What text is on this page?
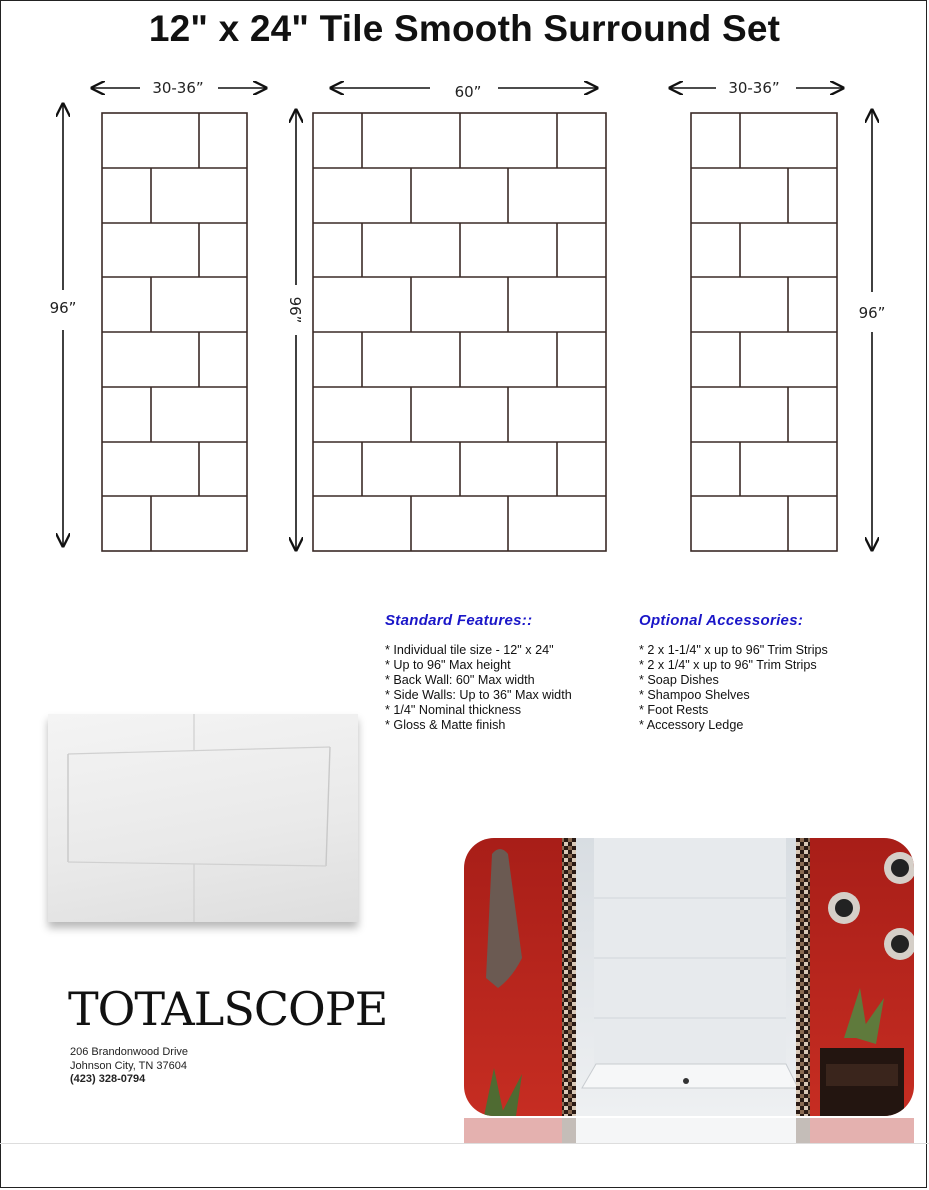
12" x 24" Tile Smooth Surround Set
30-36”	60”	30-36”
96”	96”	96”
Standard Features::
* Individual tile size - 12" x 24"
* Up to 96" Max height
* Back Wall: 60" Max width
* Side Walls: Up to 36" Max width
* 1/4" Nominal thickness
* Gloss & Matte finish
Optional Accessories:
* 2 x 1-1/4" x up to 96" Trim Strips
* 2 x 1/4" x up to 96" Trim Strips
* Soap Dishes
* Shampoo Shelves
* Foot Rests
* Accessory Ledge
TOTALSCOPE
206 Brandonwood Drive
Johnson City, TN 37604
(423) 328-0794
